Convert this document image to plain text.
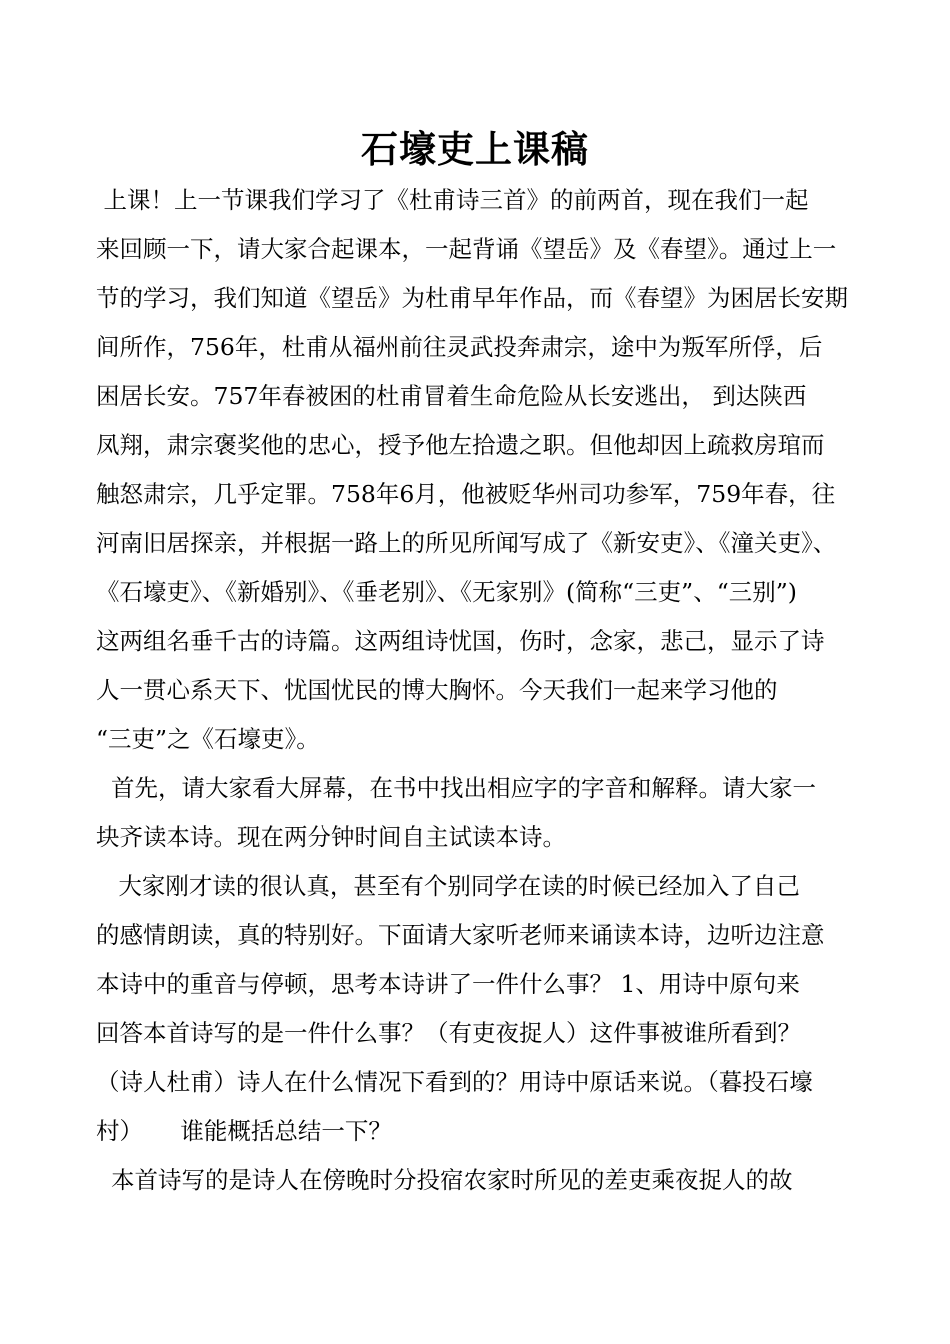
石壕吏上课稿
上课！上一节课我们学习了《杜甫诗三首》的前两首，现在我们一起
来回顾一下，请大家合起课本，一起背诵《望岳》及《春望》。通过上一
节的学习，我们知道《望岳》为杜甫早年作品，而《春望》为困居长安期
间所作，756年，杜甫从福州前往灵武投奔肃宗，途中为叛军所俘，后
困居长安。757年春被困的杜甫冒着生命危险从长安逃出， 到达陕西
凤翔，肃宗褒奖他的忠心，授予他左拾遗之职。但他却因上疏救房琯而
触怒肃宗，几乎定罪。758年6月，他被贬华州司功参军，759年春，往
河南旧居探亲，并根据一路上的所见所闻写成了《新安吏》、《潼关吏》、
《石壕吏》、《新婚别》、《垂老别》、《无家别》(简称“三吏”、“三别”)
这两组名垂千古的诗篇。这两组诗忧国，伤时，念家，悲己，显示了诗
人一贯心系天下、忧国忧民的博大胸怀。今天我们一起来学习他的
“三吏”之《石壕吏》。
首先，请大家看大屏幕，在书中找出相应字的字音和解释。请大家一
块齐读本诗。现在两分钟时间自主试读本诗。
大家刚才读的很认真，甚至有个别同学在读的时候已经加入了自己
的感情朗读，真的特别好。下面请大家听老师来诵读本诗，边听边注意
本诗中的重音与停顿，思考本诗讲了一件什么事？ 1、用诗中原句来
回答本首诗写的是一件什么事？（有吏夜捉人）这件事被谁所看到？
（诗人杜甫）诗人在什么情况下看到的？用诗中原话来说。（暮投石壕
村）     谁能概括总结一下？
本首诗写的是诗人在傍晚时分投宿农家时所见的差吏乘夜捉人的故
